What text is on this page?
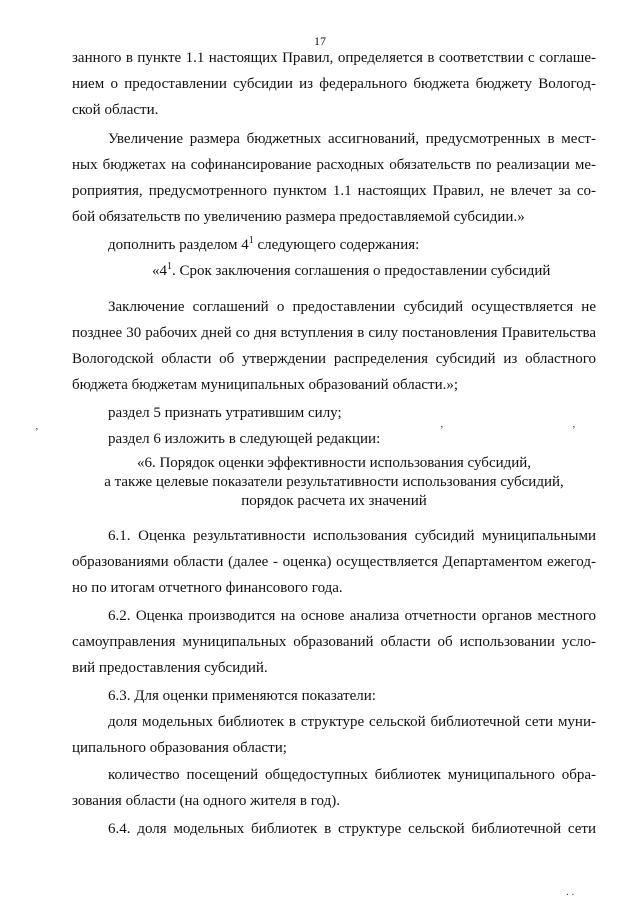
17
занного в пункте 1.1 настоящих Правил, определяется в соответствии с соглаше-
нием о предоставлении субсидии из федерального бюджета бюджету Вологод-
ской области.
Увеличение размера бюджетных ассигнований, предусмотренных в мест-
ных бюджетах на софинансирование расходных обязательств по реализации ме-
роприятия, предусмотренного пунктом 1.1 настоящих Правил, не влечет за со-
бой обязательств по увеличению размера предоставляемой субсидии.»
дополнить разделом $4^1$ следующего содержания:
«$4^1$. Срок заключения соглашения о предоставлении субсидий
Заключение соглашений о предоставлении субсидий осуществляется не
позднее 30 рабочих дней со дня вступления в силу постановления Правительства
Вологодской области об утверждении распределения субсидий из областного
бюджета бюджетам муниципальных образований области.»;
раздел 5 признать утратившим силу;
раздел 6 изложить в следующей редакции:
«6. Порядок оценки эффективности использования субсидий,
а также целевые показатели результативности использования субсидий,
порядок расчета их значений
6.1. Оценка результативности использования субсидий муниципальными
образованиями области (далее - оценка) осуществляется Департаментом ежегод-
но по итогам отчетного финансового года.
6.2. Оценка производится на основе анализа отчетности органов местного
самоуправления муниципальных образований области об использовании усло-
вий предоставления субсидий.
6.3. Для оценки применяются показатели:
доля модельных библиотек в структуре сельской библиотечной сети муни-
ципального образования области;
количество посещений общедоступных библиотек муниципального обра-
зования области (на одного жителя в год).
6.4. доля модельных библиотек в структуре сельской библиотечной сети
’	’	’
. .
